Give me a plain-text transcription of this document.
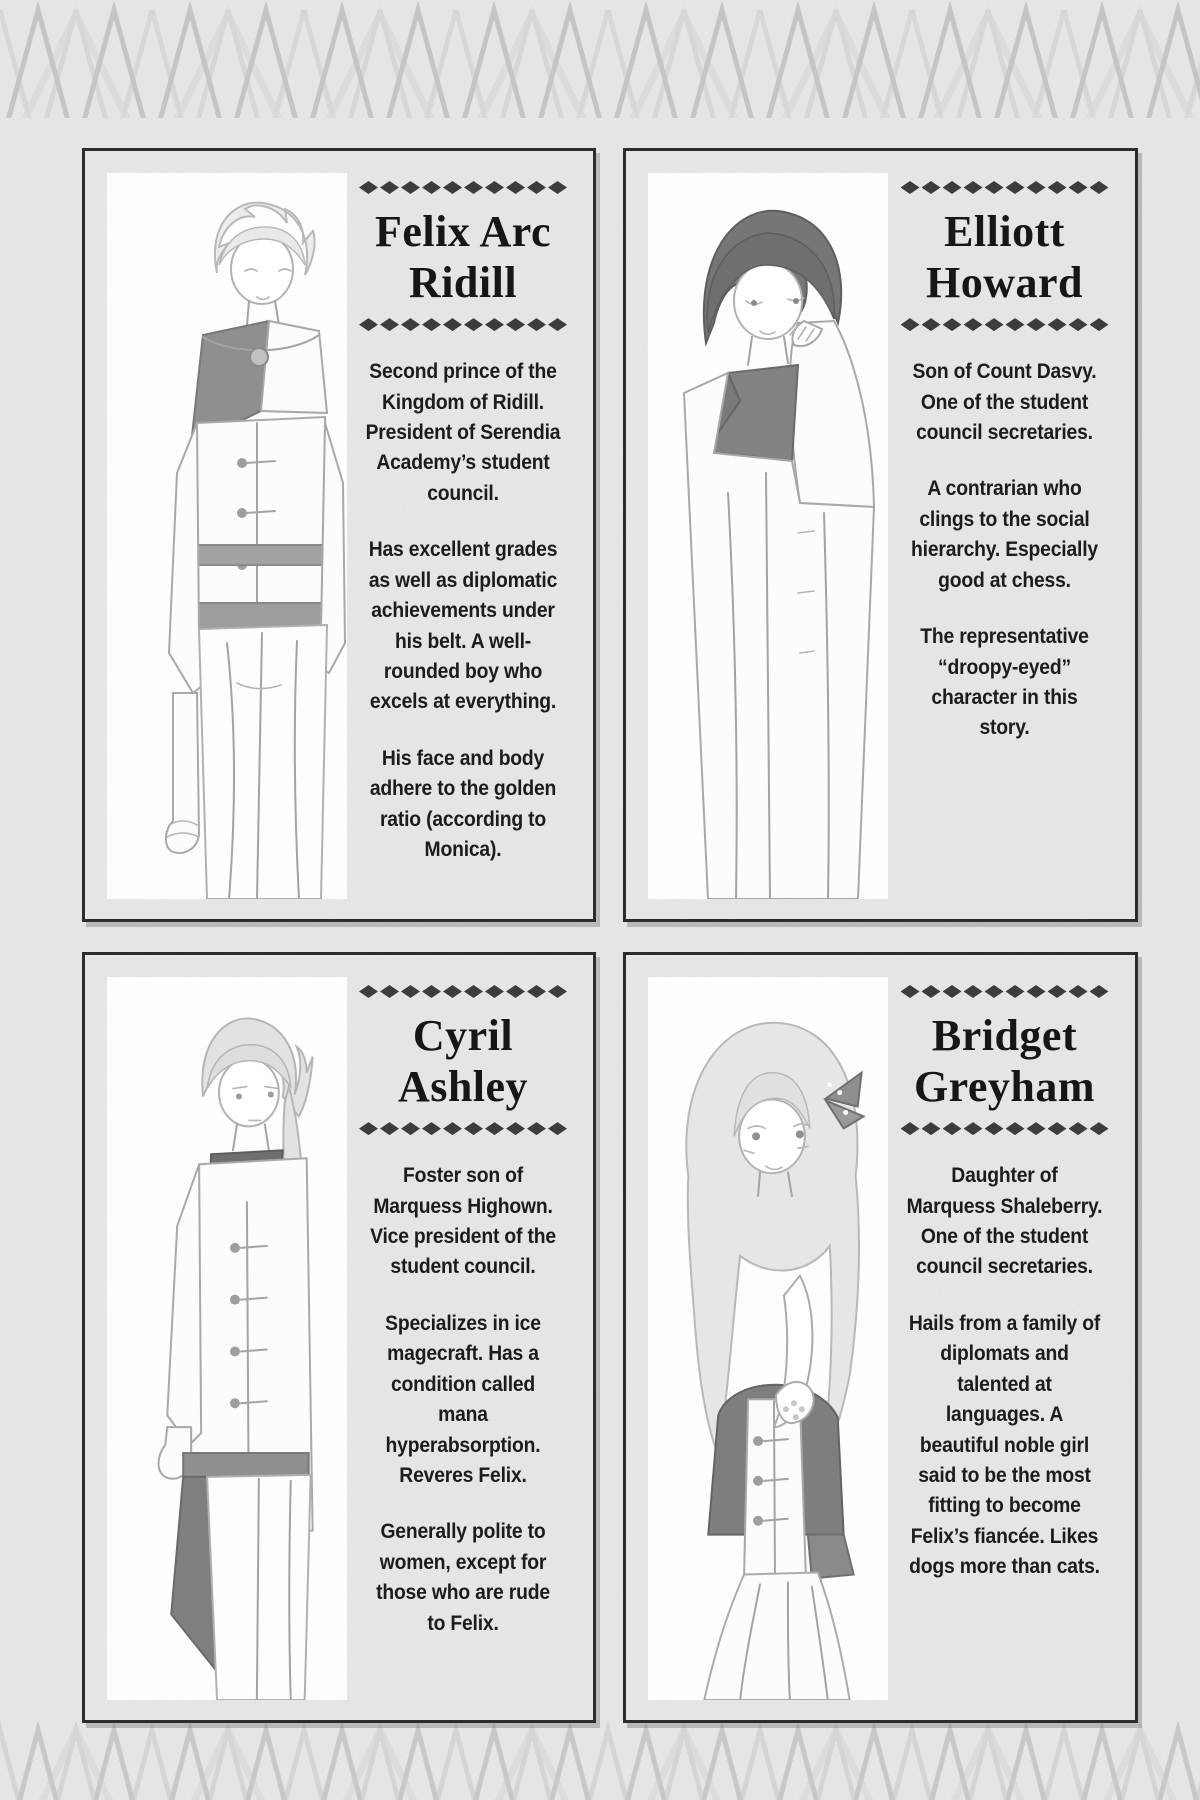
Felix Arc
Ridill

Second prince of the Kingdom of Ridill. President of Serendia Academy’s student council.

Has excellent grades as well as diplomatic achievements under his belt. A well-rounded boy who excels at everything.

His face and body adhere to the golden ratio (according to Monica).

Elliott
Howard

Son of Count Dasvy. One of the student council secretaries.

A contrarian who clings to the social hierarchy. Especially good at chess.

The representative “droopy-eyed” character in this story.

Cyril
Ashley

Foster son of Marquess Highown. Vice president of the student council.

Specializes in ice magecraft. Has a condition called mana hyperabsorption. Reveres Felix.

Generally polite to women, except for those who are rude to Felix.

Bridget
Greyham

Daughter of Marquess Shaleberry. One of the student council secretaries.

Hails from a family of diplomats and talented at languages. A beautiful noble girl said to be the most fitting to become Felix’s fiancée. Likes dogs more than cats.
